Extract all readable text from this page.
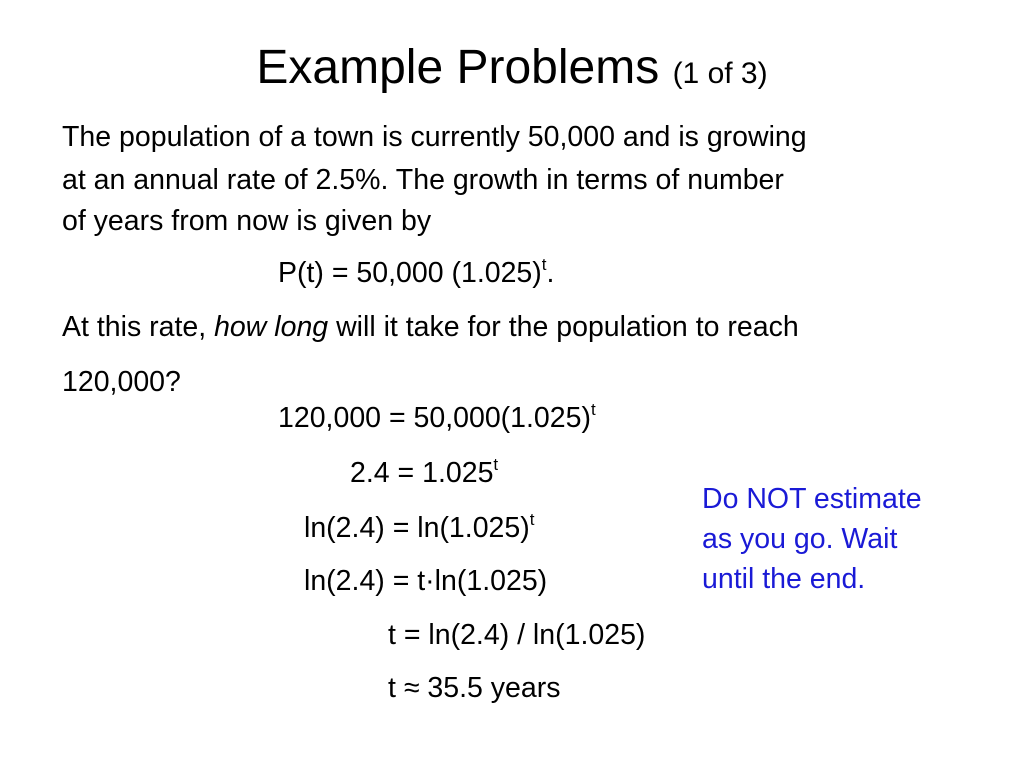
Example Problems (1 of 3)
The population of a town is currently 50,000 and is growing
at an annual rate of 2.5%. The growth in terms of number
of years from now is given by
P(t) = 50,000 $(1.025)^t$.
At this rate, how long will it take for the population to reach
120,000?
$120,000 = 50,000(1.025)^t$
$2.4 = 1.025^t$
$\ln(2.4) = \ln(1.025)^t$
ln(2.4) = t·ln(1.025)
t = ln(2.4) / ln(1.025)
t ≈ 35.5 years
Do NOT estimate
as you go. Wait
until the end.
